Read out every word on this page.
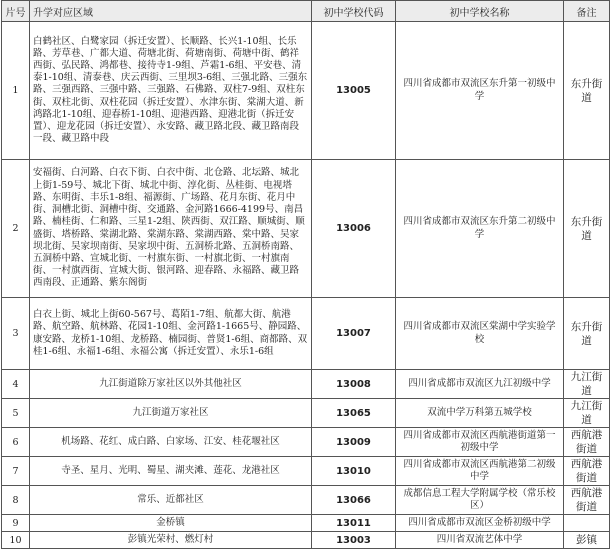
片号	升学对应区域	初中学校代码	初中学校名称	备注
1	白鹤社区、白鹭家园（拆迁安置）、长顺路、长兴1-10组、长乐路、芳草巷、广都大道、荷塘北街、荷塘南街、荷塘中街、鹤祥西街、弘民路、鸿都巷、接待寺1-9组、芦霜1-6组、平安巷、清泰1-10组、清泰巷、庆云西街、三里坝3-6组、三强北路、三强东路、三强西路、三强中路、三强路、石佛路、双柱7-9组、双柱东街、双柱北街、双柱花园（拆迁安置）、水津东街、棠湖大道、新鸿路北1-10组、迎春桥1-10组、迎港西路、迎港北街（拆迁安置）、迎龙花园（拆迁安置）、永安路、藏卫路北段、藏卫路南段一段、藏卫路中段	13005	四川省成都市双流区东升第一初级中学	东升街道
2	安福街、白河路、白衣下街、白衣中街、北仓路、北坛路、城北上街1-59号、城北下街、城北中街、淳化街、丛桂街、电视塔路、东明街、丰乐1-8组、福源街、广场路、花月东街、花月中街、洞槽北街、洞槽中街、交通路、金河路1666-4199号、南昌路、楠桂街、仁和路、三星1-2组、陕西街、双江路、顺城街、顺盛街、塔桥路、棠湖北路、棠湖东路、棠湖西路、棠中路、吴家坝北街、吴家坝南街、吴家坝中街、五洞桥北路、五洞桥南路、五洞桥中路、宣城北街、一村旗东街、一村旗北街、一村旗南街、一村旗西街、宣城大街、银河路、迎春路、永福路、藏卫路西南段、正通路、紫东阁街	13006	四川省成都市双流区东升第二初级中学	东升街道
3	白衣上街、城北上街60-567号、葛陌1-7组、航都大街、航港路、航空路、航林路、花园1-10组、金河路1-1665号、静园路、康安路、龙桥1-10组、龙桥路、楠园街、普贤1-6组、商都路、双桂1-6组、永福1-6组、永福公寓（拆迁安置）、永乐1-6组	13007	四川省成都市双流区棠湖中学实验学校	东升街道
4	九江街道除万家社区以外其他社区	13008	四川省成都市双流区九江初级中学	九江街道
5	九江街道万家社区	13065	双流中学万科第五城学校	九江街道
6	机场路、花红、成白路、白家场、江安、桂花堰社区	13009	四川省成都市双流区西航港街道第一初级中学	西航港街道
7	寺圣、星月、光明、蜀星、湖夹滩、莲花、龙港社区	13010	四川省成都市双流区西航港第二初级中学	西航港街道
8	常乐、近都社区	13066	成都信息工程大学附属学校（常乐校区）	西航港街道
9	金桥镇	13011	四川省成都市双流区金桥初级中学	
10	彭镇光荣村、燃灯村	13003	四川省双流艺体中学	彭镇
